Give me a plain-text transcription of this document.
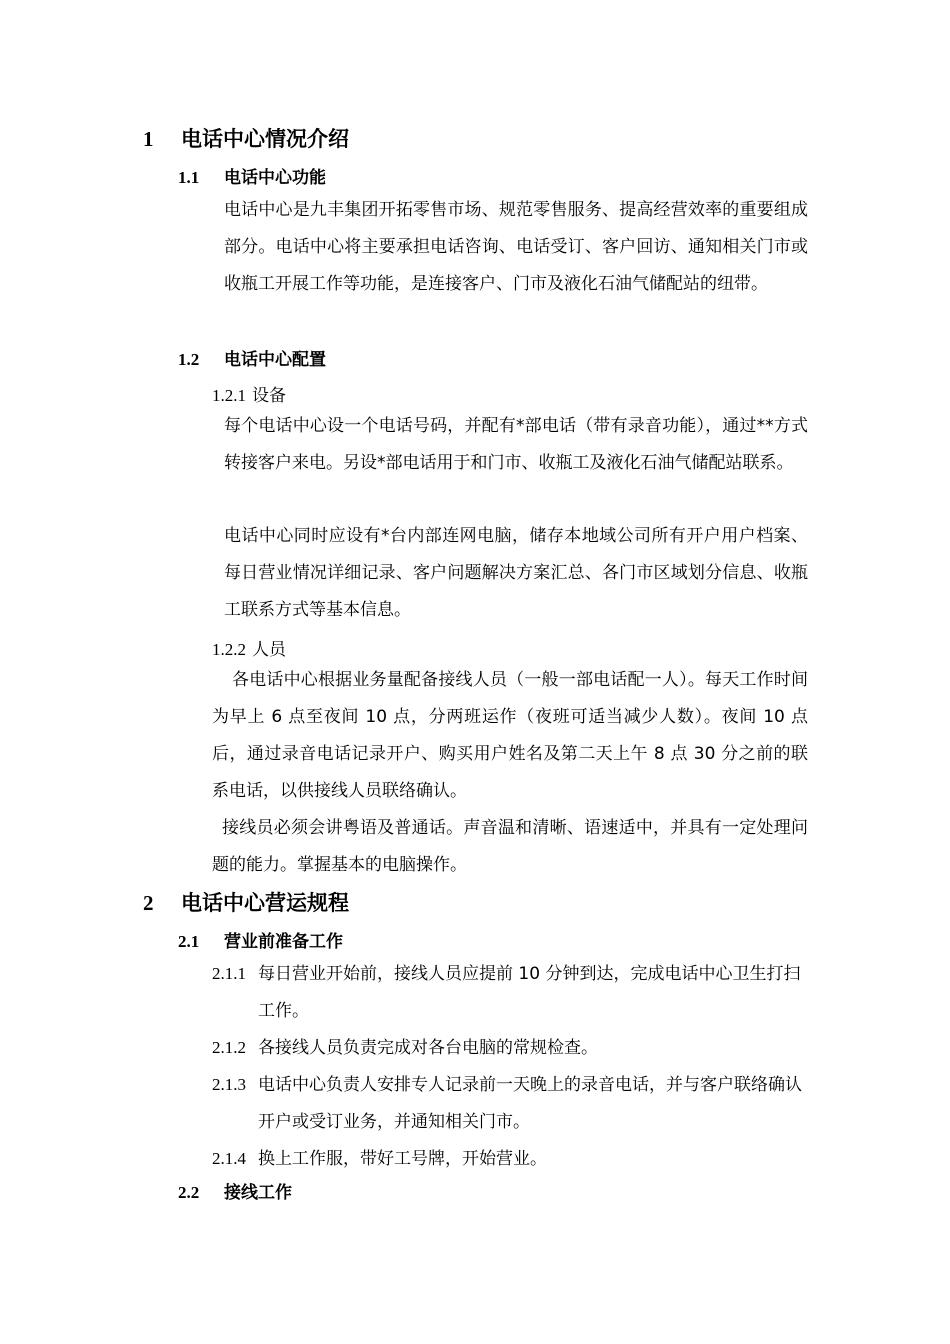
1 电话中心情况介绍
1.1 电话中心功能
电话中心是九丰集团开拓零售市场、规范零售服务、提高经营效率的重要组成部分。电话中心将主要承担电话咨询、电话受订、客户回访、通知相关门市或收瓶工开展工作等功能，是连接客户、门市及液化石油气储配站的纽带。
1.2 电话中心配置
1.2.1 设备
每个电话中心设一个电话号码，并配有*部电话（带有录音功能），通过**方式转接客户来电。另设*部电话用于和门市、收瓶工及液化石油气储配站联系。
电话中心同时应设有*台内部连网电脑，储存本地域公司所有开户用户档案、每日营业情况详细记录、客户问题解决方案汇总、各门市区域划分信息、收瓶工联系方式等基本信息。
1.2.2 人员
各电话中心根据业务量配备接线人员（一般一部电话配一人）。每天工作时间为早上 6 点至夜间 10 点，分两班运作（夜班可适当减少人数）。夜间 10 点后，通过录音电话记录开户、购买用户姓名及第二天上午 8 点 30 分之前的联系电话，以供接线人员联络确认。
接线员必须会讲粤语及普通话。声音温和清晰、语速适中，并具有一定处理问题的能力。掌握基本的电脑操作。
2 电话中心营运规程
2.1 营业前准备工作
2.1.1 每日营业开始前，接线人员应提前 10 分钟到达，完成电话中心卫生打扫工作。
2.1.2 各接线人员负责完成对各台电脑的常规检查。
2.1.3 电话中心负责人安排专人记录前一天晚上的录音电话，并与客户联络确认开户或受订业务，并通知相关门市。
2.1.4 换上工作服，带好工号牌，开始营业。
2.2 接线工作
